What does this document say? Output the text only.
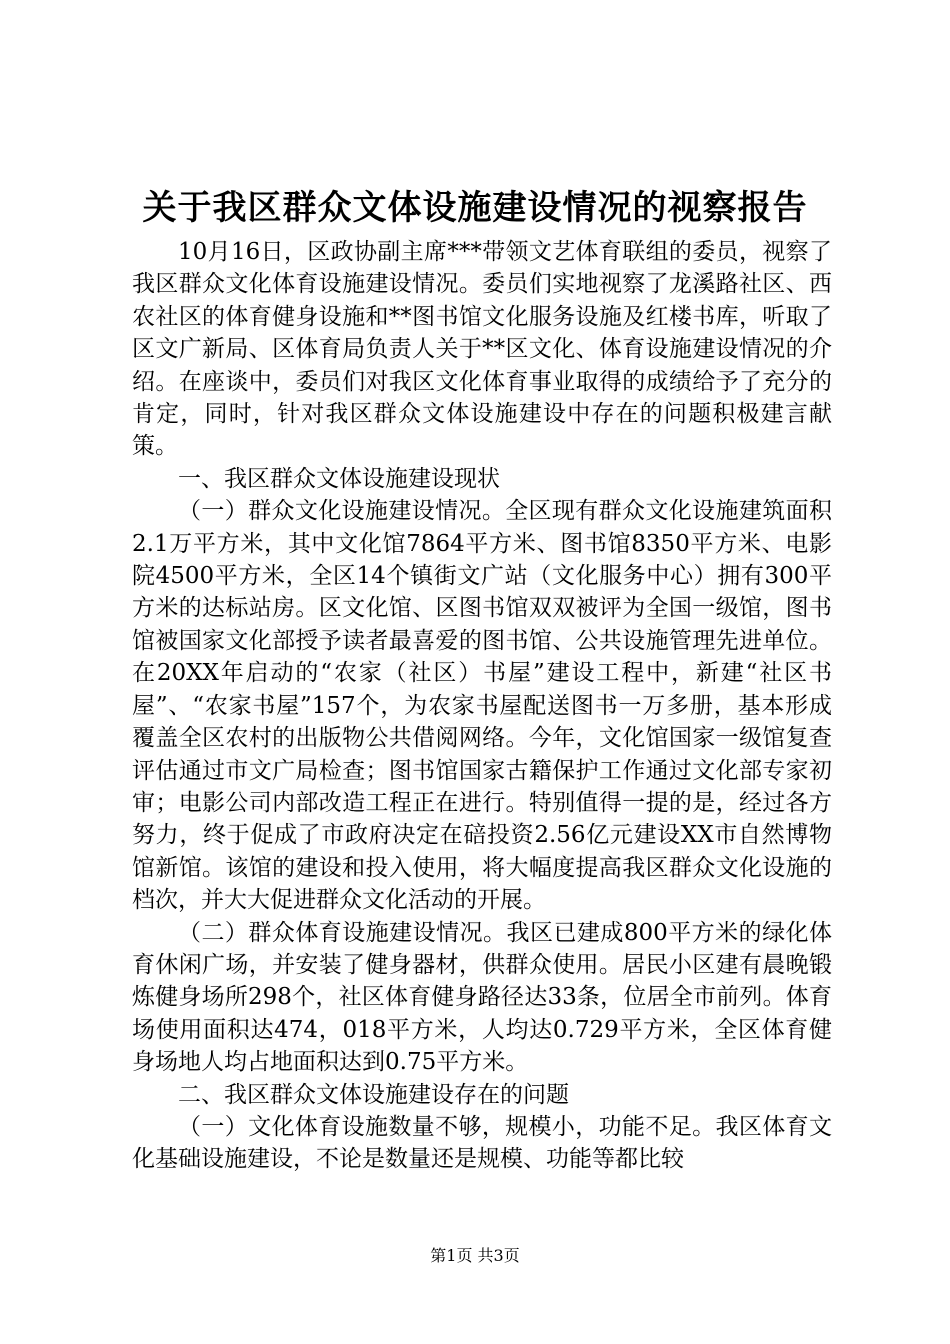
关于我区群众文体设施建设情况的视察报告

10月16日，区政协副主席***带领文艺体育联组的委员，视察了我区群众文化体育设施建设情况。委员们实地视察了龙溪路社区、西农社区的体育健身设施和**图书馆文化服务设施及红楼书库，听取了区文广新局、区体育局负责人关于**区文化、体育设施建设情况的介绍。在座谈中，委员们对我区文化体育事业取得的成绩给予了充分的肯定，同时，针对我区群众文体设施建设中存在的问题积极建言献策。

一、我区群众文体设施建设现状

（一）群众文化设施建设情况。全区现有群众文化设施建筑面积2.1万平方米，其中文化馆7864平方米、图书馆8350平方米、电影院4500平方米，全区14个镇街文广站（文化服务中心）拥有300平方米的达标站房。区文化馆、区图书馆双双被评为全国一级馆，图书馆被国家文化部授予读者最喜爱的图书馆、公共设施管理先进单位。在20XX年启动的“农家（社区）书屋”建设工程中，新建“社区书屋”、“农家书屋”157个，为农家书屋配送图书一万多册，基本形成覆盖全区农村的出版物公共借阅网络。今年，文化馆国家一级馆复查评估通过市文广局检查；图书馆国家古籍保护工作通过文化部专家初审；电影公司内部改造工程正在进行。特别值得一提的是，经过各方努力，终于促成了市政府决定在碚投资2.56亿元建设XX市自然博物馆新馆。该馆的建设和投入使用，将大幅度提高我区群众文化设施的档次，并大大促进群众文化活动的开展。

（二）群众体育设施建设情况。我区已建成800平方米的绿化体育休闲广场，并安装了健身器材，供群众使用。居民小区建有晨晚锻炼健身场所298个，社区体育健身路径达33条，位居全市前列。体育场使用面积达474，018平方米，人均达0.729平方米，全区体育健身场地人均占地面积达到0.75平方米。

二、我区群众文体设施建设存在的问题

（一）文化体育设施数量不够，规模小，功能不足。我区体育文化基础设施建设，不论是数量还是规模、功能等都比较

第1页 共3页
